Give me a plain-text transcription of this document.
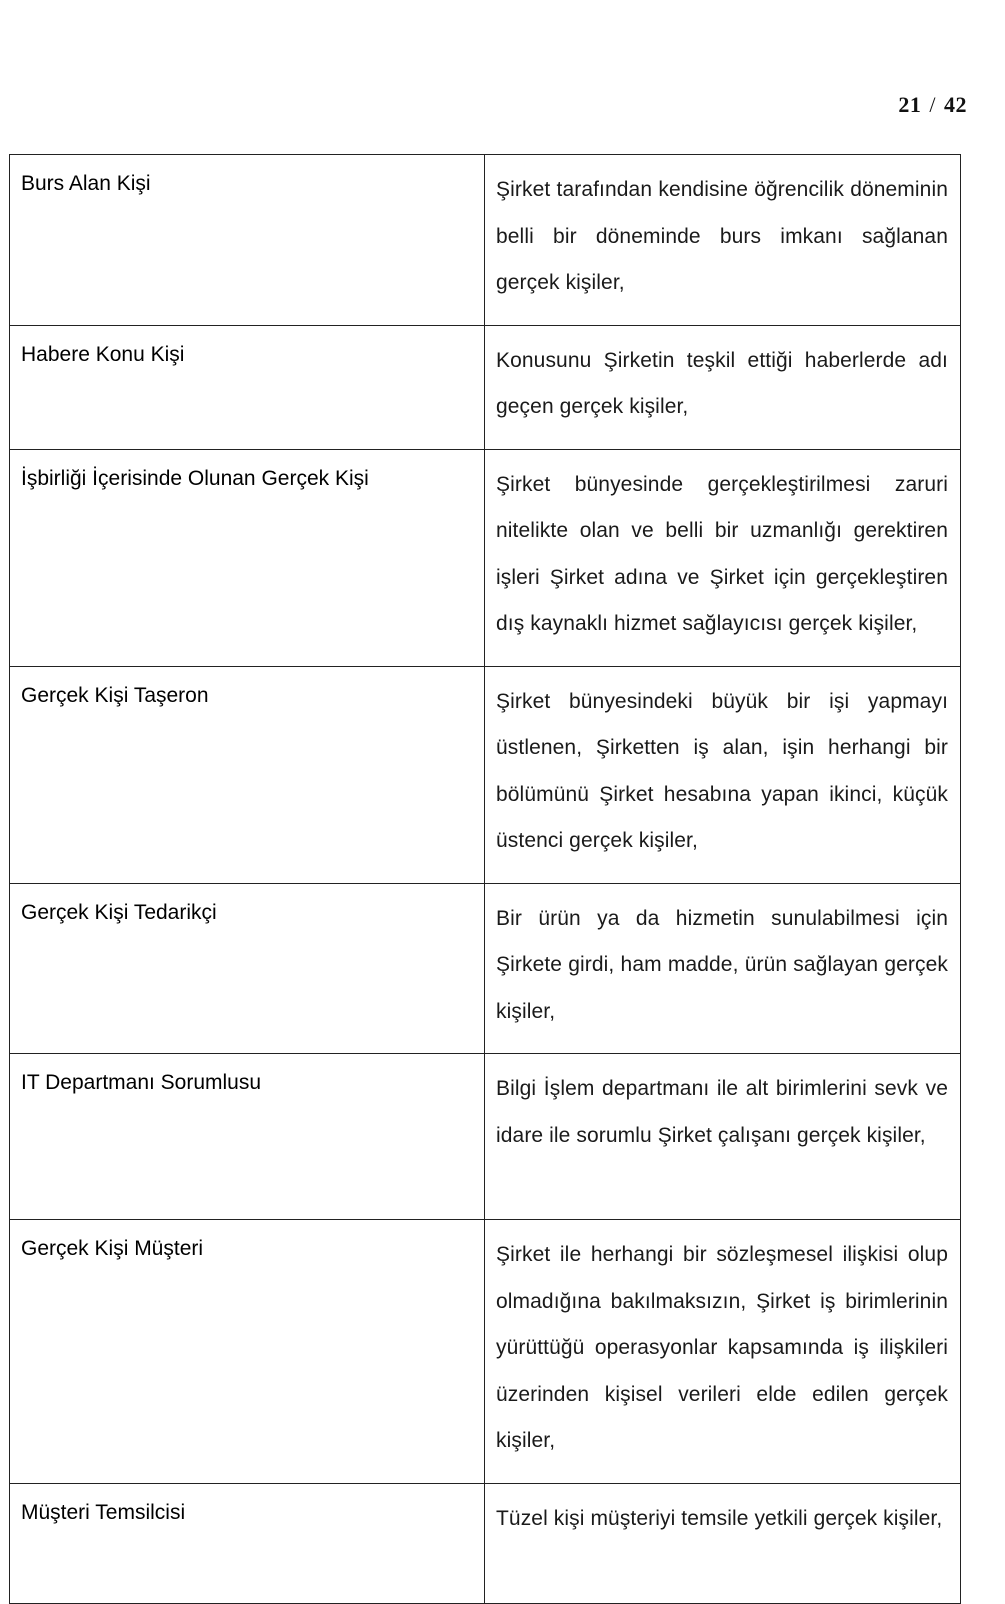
21 / 42
Burs Alan Kişi	Şirket tarafından kendisine öğrencilik döneminin belli bir döneminde burs imkanı sağlanan gerçek kişiler,

Habere Konu Kişi	Konusunu Şirketin teşkil ettiği haberlerde adı geçen gerçek kişiler,

İşbirliği İçerisinde Olunan Gerçek Kişi	Şirket bünyesinde gerçekleştirilmesi zaruri nitelikte olan ve belli bir uzmanlığı gerektiren işleri Şirket adına ve Şirket için gerçekleştiren dış kaynaklı hizmet sağlayıcısı gerçek kişiler,

Gerçek Kişi Taşeron	Şirket bünyesindeki büyük bir işi yapmayı üstlenen, Şirketten iş alan, işin herhangi bir bölümünü Şirket hesabına yapan ikinci, küçük üstenci gerçek kişiler,

Gerçek Kişi Tedarikçi	Bir ürün ya da hizmetin sunulabilmesi için Şirkete girdi, ham madde, ürün sağlayan gerçek kişiler,

IT Departmanı Sorumlusu	Bilgi İşlem departmanı ile alt birimlerini sevk ve idare ile sorumlu Şirket çalışanı gerçek kişiler,

Gerçek Kişi Müşteri	Şirket ile herhangi bir sözleşmesel ilişkisi olup olmadığına bakılmaksızın, Şirket iş birimlerinin yürüttüğü operasyonlar kapsamında iş ilişkileri üzerinden kişisel verileri elde edilen gerçek kişiler,

Müşteri Temsilcisi	Tüzel kişi müşteriyi temsile yetkili gerçek kişiler,
